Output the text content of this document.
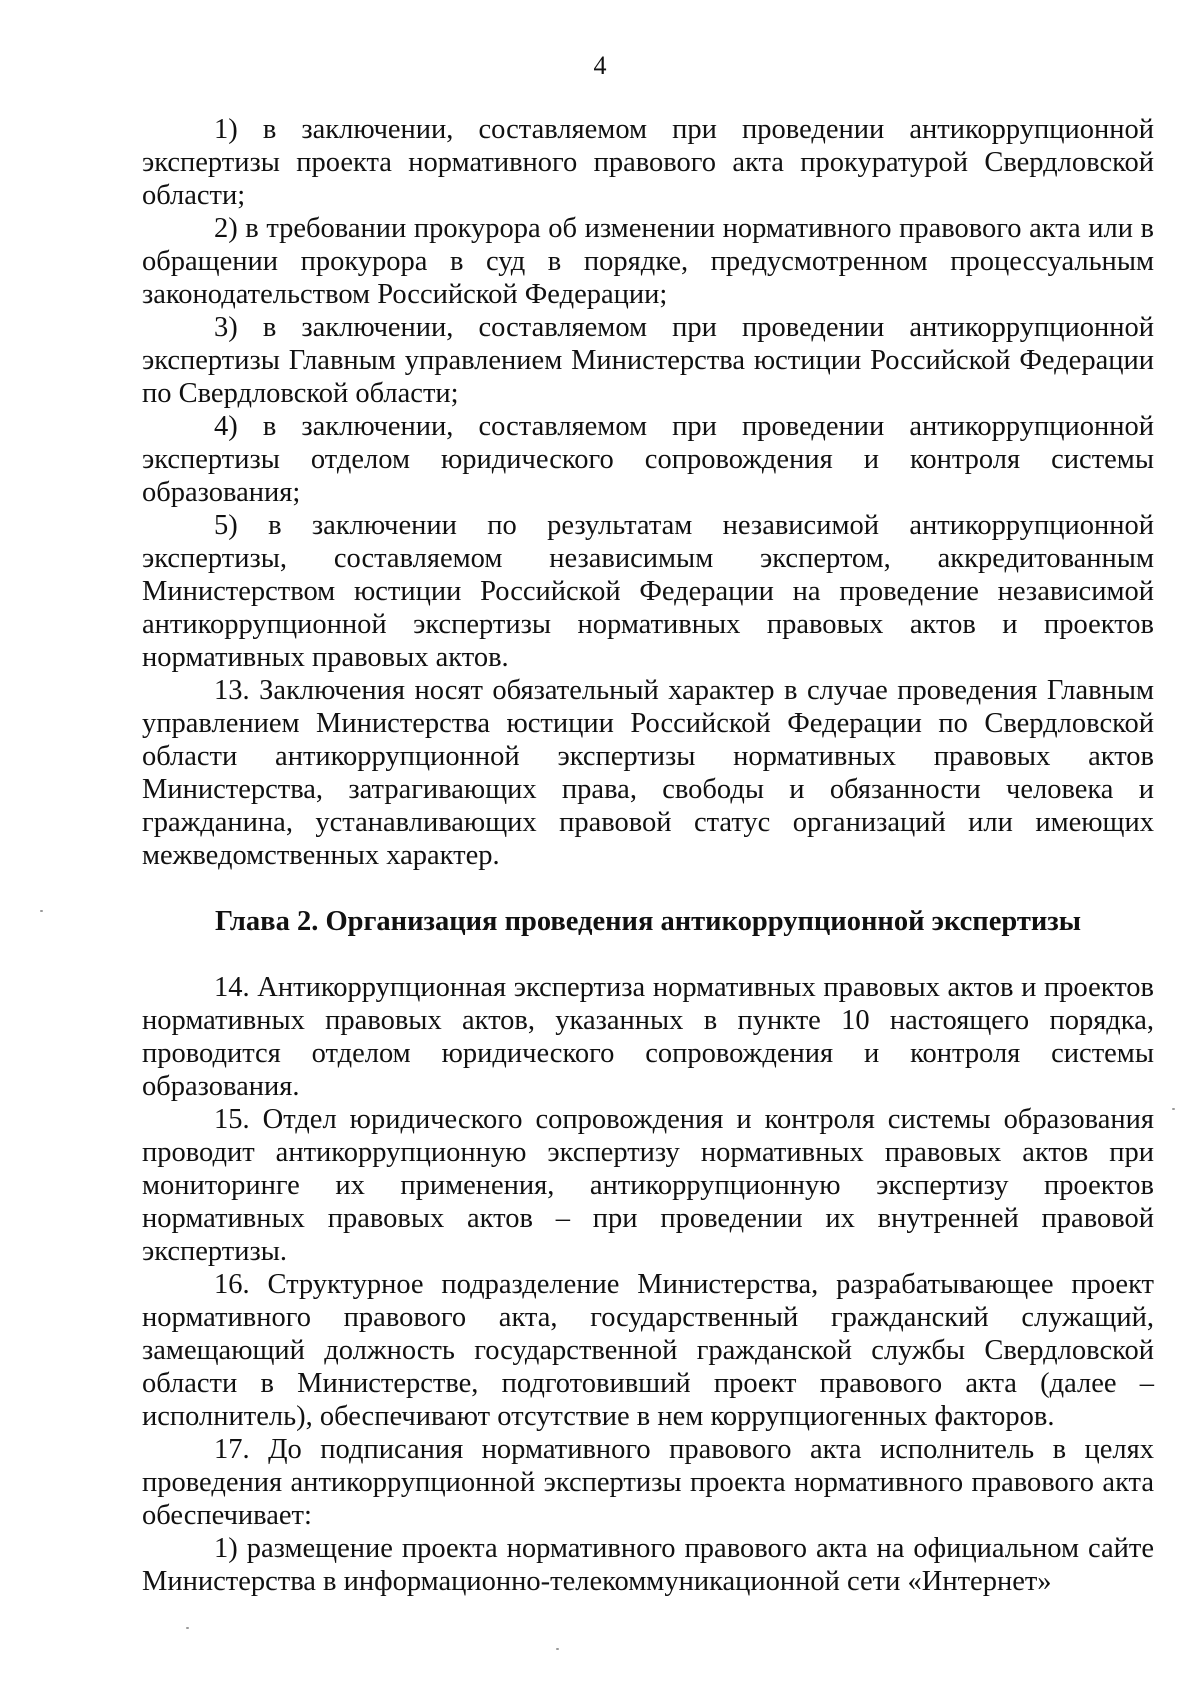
4

1) в заключении, составляемом при проведении антикоррупционной экспертизы проекта нормативного правового акта прокуратурой Свердловской области;

2) в требовании прокурора об изменении нормативного правового акта или в обращении прокурора в суд в порядке, предусмотренном процессуальным законодательством Российской Федерации;

3) в заключении, составляемом при проведении антикоррупционной экспертизы Главным управлением Министерства юстиции Российской Федерации по Свердловской области;

4) в заключении, составляемом при проведении антикоррупционной экспертизы отделом юридического сопровождения и контроля системы образования;

5) в заключении по результатам независимой антикоррупционной экспертизы, составляемом независимым экспертом, аккредитованным Министерством юстиции Российской Федерации на проведение независимой антикоррупционной экспертизы нормативных правовых актов и проектов нормативных правовых актов.

13. Заключения носят обязательный характер в случае проведения Главным управлением Министерства юстиции Российской Федерации по Свердловской области антикоррупционной экспертизы нормативных правовых актов Министерства, затрагивающих права, свободы и обязанности человека и гражданина, устанавливающих правовой статус организаций или имеющих межведомственных характер.

Глава 2. Организация проведения антикоррупционной экспертизы

14. Антикоррупционная экспертиза нормативных правовых актов и проектов нормативных правовых актов, указанных в пункте 10 настоящего порядка, проводится отделом юридического сопровождения и контроля системы образования.

15. Отдел юридического сопровождения и контроля системы образования проводит антикоррупционную экспертизу нормативных правовых актов при мониторинге их применения, антикоррупционную экспертизу проектов нормативных правовых актов – при проведении их внутренней правовой экспертизы.

16. Структурное подразделение Министерства, разрабатывающее проект нормативного правового акта, государственный гражданский служащий, замещающий должность государственной гражданской службы Свердловской области в Министерстве, подготовивший проект правового акта (далее – исполнитель), обеспечивают отсутствие в нем коррупциогенных факторов.

17. До подписания нормативного правового акта исполнитель в целях проведения антикоррупционной экспертизы проекта нормативного правового акта обеспечивает:

1) размещение проекта нормативного правового акта на официальном сайте Министерства в информационно-телекоммуникационной сети «Интернет»
